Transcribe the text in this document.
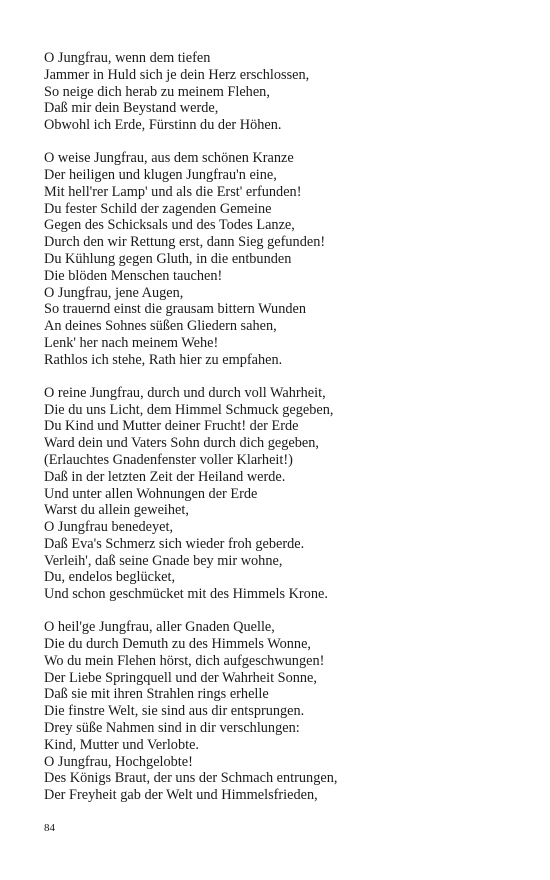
O Jungfrau, wenn dem tiefen
Jammer in Huld sich je dein Herz erschlossen,
So neige dich herab zu meinem Flehen,
Daß mir dein Beystand werde,
Obwohl ich Erde, Fürstinn du der Höhen.
O weise Jungfrau, aus dem schönen Kranze
Der heiligen und klugen Jungfrau'n eine,
Mit hell'rer Lamp' und als die Erst' erfunden!
Du fester Schild der zagenden Gemeine
Gegen des Schicksals und des Todes Lanze,
Durch den wir Rettung erst, dann Sieg gefunden!
Du Kühlung gegen Gluth, in die entbunden
Die blöden Menschen tauchen!
O Jungfrau, jene Augen,
So trauernd einst die grausam bittern Wunden
An deines Sohnes süßen Gliedern sahen,
Lenk' her nach meinem Wehe!
Rathlos ich stehe, Rath hier zu empfahen.
O reine Jungfrau, durch und durch voll Wahrheit,
Die du uns Licht, dem Himmel Schmuck gegeben,
Du Kind und Mutter deiner Frucht! der Erde
Ward dein und Vaters Sohn durch dich gegeben,
(Erlauchtes Gnadenfenster voller Klarheit!)
Daß in der letzten Zeit der Heiland werde.
Und unter allen Wohnungen der Erde
Warst du allein geweihet,
O Jungfrau benedeyet,
Daß Eva's Schmerz sich wieder froh geberde.
Verleih', daß seine Gnade bey mir wohne,
Du, endelos beglücket,
Und schon geschmücket mit des Himmels Krone.
O heil'ge Jungfrau, aller Gnaden Quelle,
Die du durch Demuth zu des Himmels Wonne,
Wo du mein Flehen hörst, dich aufgeschwungen!
Der Liebe Springquell und der Wahrheit Sonne,
Daß sie mit ihren Strahlen rings erhelle
Die finstre Welt, sie sind aus dir entsprungen.
Drey süße Nahmen sind in dir verschlungen:
Kind, Mutter und Verlobte.
O Jungfrau, Hochgelobte!
Des Königs Braut, der uns der Schmach entrungen,
Der Freyheit gab der Welt und Himmelsfrieden,
84
